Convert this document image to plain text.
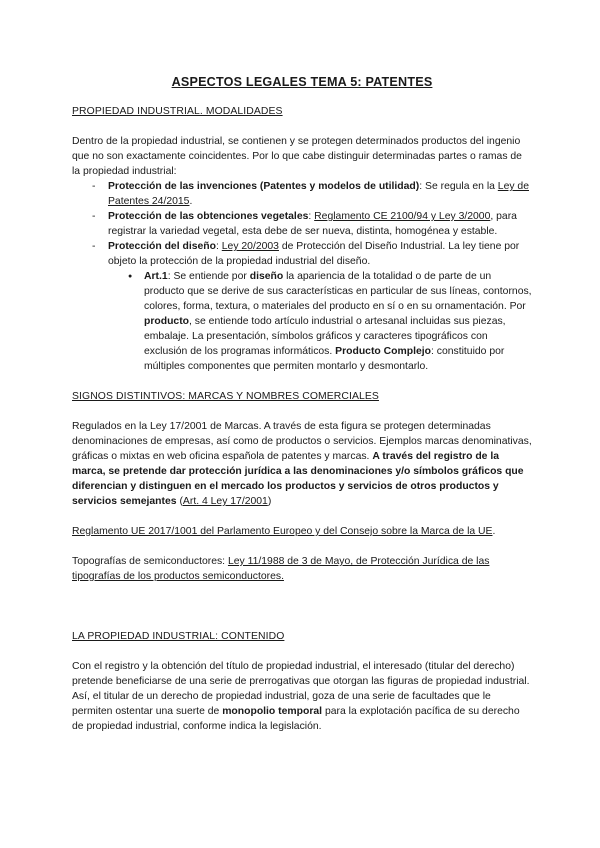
ASPECTOS LEGALES TEMA 5: PATENTES
PROPIEDAD INDUSTRIAL. MODALIDADES

Dentro de la propiedad industrial, se contienen y se protegen determinados productos del ingenio que no son exactamente coincidentes. Por lo que cabe distinguir determinadas partes o ramas de la propiedad industrial:

- Protección de las invenciones (Patentes y modelos de utilidad): Se regula en la Ley de Patentes 24/2015.
- Protección de las obtenciones vegetales: Reglamento CE 2100/94 y Ley 3/2000, para registrar la variedad vegetal, esta debe de ser nueva, distinta, homogénea y estable.
- Protección del diseño: Ley 20/2003 de Protección del Diseño Industrial. La ley tiene por objeto la protección de la propiedad industrial del diseño.
● Art.1: Se entiende por diseño la apariencia de la totalidad o de parte de un producto que se derive de sus características en particular de sus líneas, contornos, colores, forma, textura, o materiales del producto en sí o en su ornamentación. Por producto, se entiende todo artículo industrial o artesanal incluidas sus piezas, embalaje. La presentación, símbolos gráficos y caracteres tipográficos con exclusión de los programas informáticos. Producto Complejo: constituido por múltiples componentes que permiten montarlo y desmontarlo.
SIGNOS DISTINTIVOS: MARCAS Y NOMBRES COMERCIALES

Regulados en la Ley 17/2001 de Marcas. A través de esta figura se protegen determinadas denominaciones de empresas, así como de productos o servicios. Ejemplos marcas denominativas, gráficas o mixtas en web oficina española de patentes y marcas. A través del registro de la marca, se pretende dar protección jurídica a las denominaciones y/o símbolos gráficos que diferencian y distinguen en el mercado los productos y servicios de otros productos y servicios semejantes (Art. 4 Ley 17/2001)

Reglamento UE 2017/1001 del Parlamento Europeo y del Consejo sobre la Marca de la UE.

Topografías de semiconductores: Ley 11/1988 de 3 de Mayo, de Protección Jurídica de las tipografías de los productos semiconductores.

LA PROPIEDAD INDUSTRIAL: CONTENIDO

Con el registro y la obtención del título de propiedad industrial, el interesado (titular del derecho) pretende beneficiarse de una serie de prerrogativas que otorgan las figuras de propiedad industrial. Así, el titular de un derecho de propiedad industrial, goza de una serie de facultades que le permiten ostentar una suerte de monopolio temporal para la explotación pacífica de su derecho de propiedad industrial, conforme indica la legislación.
